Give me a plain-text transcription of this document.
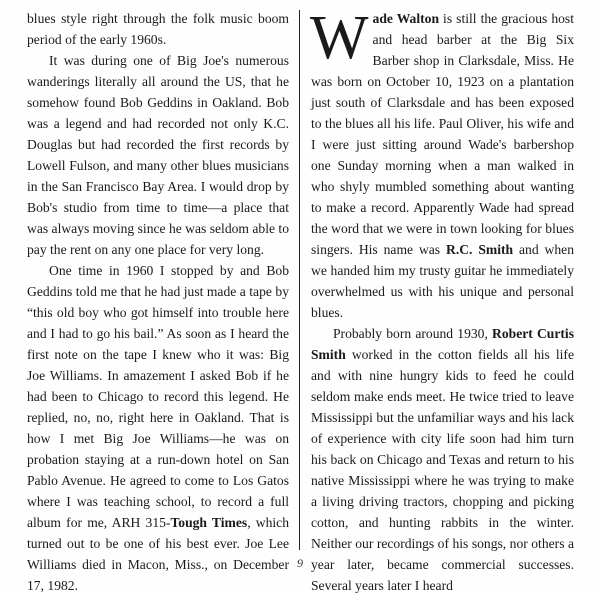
blues style right through the folk music boom period of the early 1960s.

It was during one of Big Joe's numerous wanderings literally all around the US, that he somehow found Bob Geddins in Oakland. Bob was a legend and had recorded not only K.C. Douglas but had recorded the first records by Lowell Fulson, and many other blues musicians in the San Francisco Bay Area. I would drop by Bob's studio from time to time—a place that was always moving since he was seldom able to pay the rent on any one place for very long.

One time in 1960 I stopped by and Bob Geddins told me that he had just made a tape by “this old boy who got himself into trouble here and I had to go his bail.” As soon as I heard the first note on the tape I knew who it was: Big Joe Williams. In amazement I asked Bob if he had been to Chicago to record this legend. He replied, no, no, right here in Oakland. That is how I met Big Joe Williams—he was on probation staying at a run-down hotel on San Pablo Avenue. He agreed to come to Los Gatos where I was teaching school, to record a full album for me, ARH 315-Tough Times, which turned out to be one of his best ever. Joe Lee Williams died in Macon, Miss., on December 17, 1982.

Wade Walton is still the gracious host and head barber at the Big Six Barber shop in Clarksdale, Miss. He was born on October 10, 1923 on a plantation just south of Clarksdale and has been exposed to the blues all his life. Paul Oliver, his wife and I were just sitting around Wade's barbershop one Sunday morning when a man walked in who shyly mumbled something about wanting to make a record. Apparently Wade had spread the word that we were in town looking for blues singers. His name was R.C. Smith and when we handed him my trusty guitar he immediately overwhelmed us with his unique and personal blues.

Probably born around 1930, Robert Curtis Smith worked in the cotton fields all his life and with nine hungry kids to feed he could seldom make ends meet. He twice tried to leave Mississippi but the unfamiliar ways and his lack of experience with city life soon had him turn his back on Chicago and Texas and return to his native Mississippi where he was trying to make a living driving tractors, chopping and picking cotton, and hunting rabbits in the winter. Neither our recordings of his songs, nor others a year later, became commercial successes. Several years later I heard

9
